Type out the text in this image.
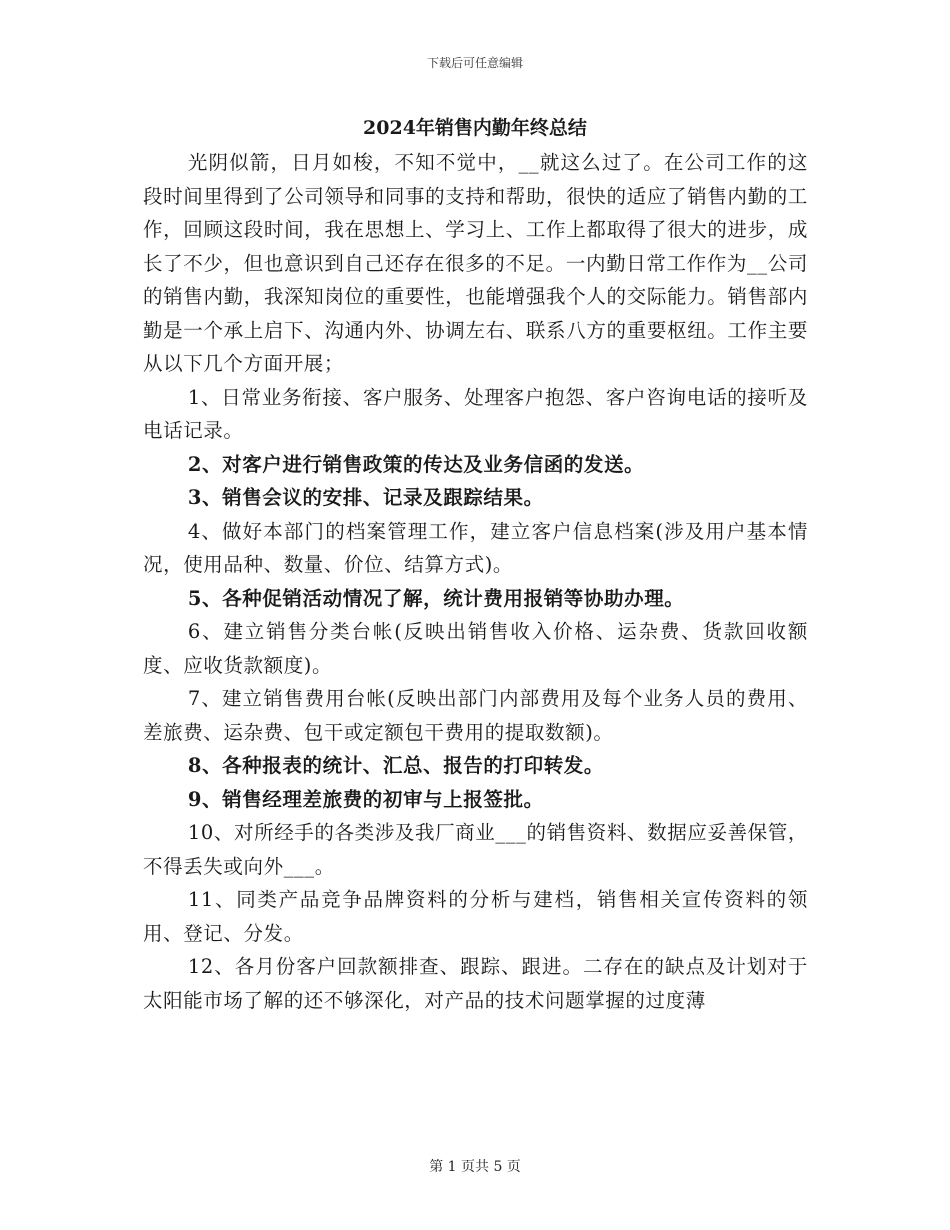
下载后可任意编辑
2024年销售内勤年终总结

光阴似箭，日月如梭，不知不觉中，__就这么过了。在公司工作的这段时间里得到了公司领导和同事的支持和帮助，很快的适应了销售内勤的工作，回顾这段时间，我在思想上、学习上、工作上都取得了很大的进步，成长了不少，但也意识到自己还存在很多的不足。一内勤日常工作作为__公司的销售内勤，我深知岗位的重要性，也能增强我个人的交际能力。销售部内勤是一个承上启下、沟通内外、协调左右、联系八方的重要枢纽。工作主要从以下几个方面开展；

1、日常业务衔接、客户服务、处理客户抱怨、客户咨询电话的接听及电话记录。

2、对客户进行销售政策的传达及业务信函的发送。

3、销售会议的安排、记录及跟踪结果。

4、做好本部门的档案管理工作，建立客户信息档案(涉及用户基本情况，使用品种、数量、价位、结算方式)。

5、各种促销活动情况了解，统计费用报销等协助办理。

6、建立销售分类台帐(反映出销售收入价格、运杂费、货款回收额度、应收货款额度)。

7、建立销售费用台帐(反映出部门内部费用及每个业务人员的费用、差旅费、运杂费、包干或定额包干费用的提取数额)。

8、各种报表的统计、汇总、报告的打印转发。

9、销售经理差旅费的初审与上报签批。

10、对所经手的各类涉及我厂商业___的销售资料、数据应妥善保管，不得丢失或向外___。

11、同类产品竞争品牌资料的分析与建档，销售相关宣传资料的领用、登记、分发。

12、各月份客户回款额排查、跟踪、跟进。二存在的缺点及计划对于太阳能市场了解的还不够深化，对产品的技术问题掌握的过度薄

第 1 页共 5 页
